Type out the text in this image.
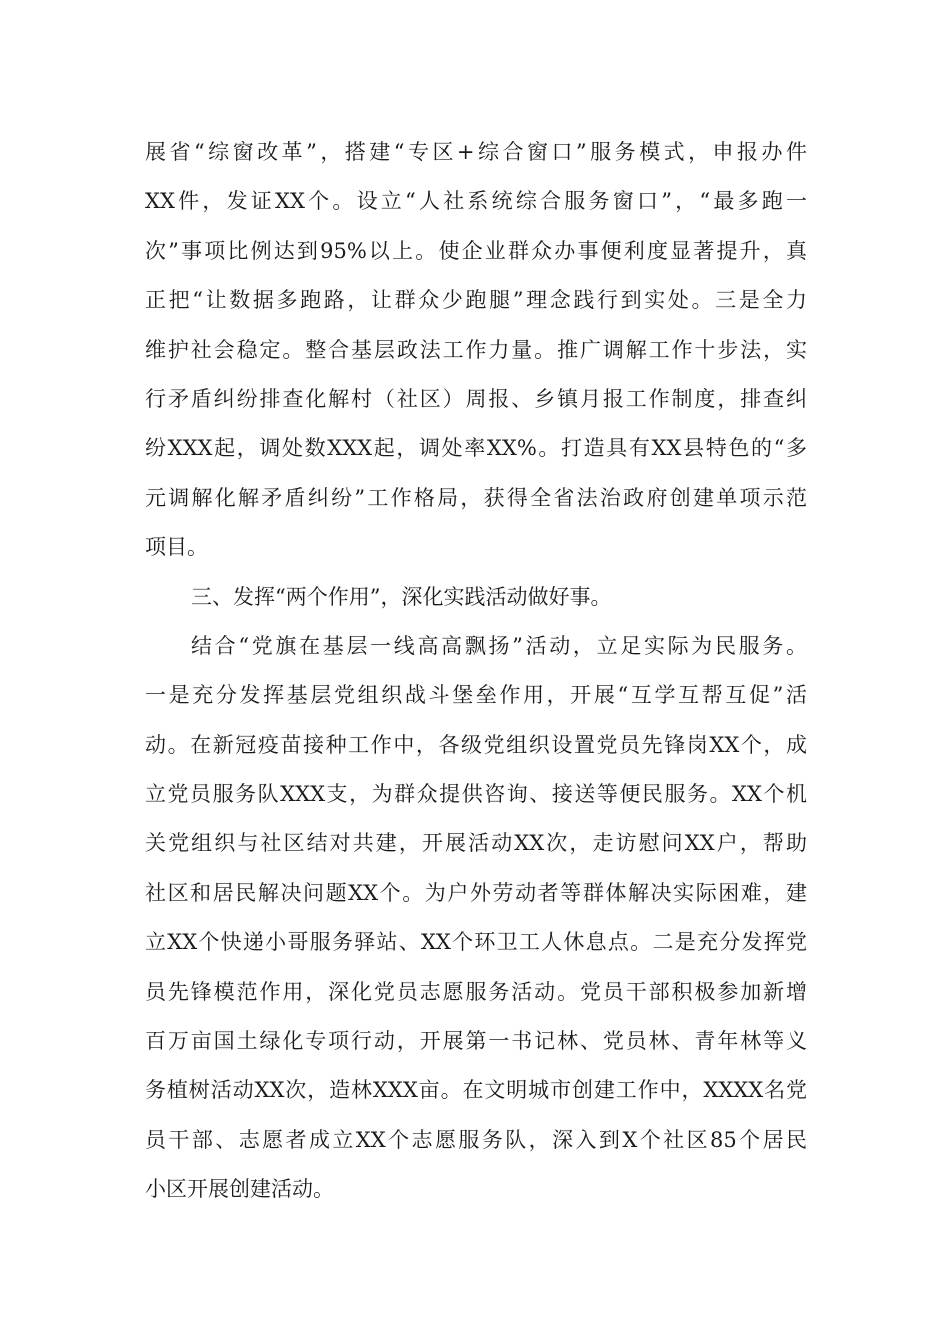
展省“综窗改革”，搭建“专区+综合窗口”服务模式，申报办件
XX件，发证XX个。设立“人社系统综合服务窗口”，“最多跑一
次”事项比例达到95%以上。使企业群众办事便利度显著提升，真
正把“让数据多跑路，让群众少跑腿”理念践行到实处。三是全力
维护社会稳定。整合基层政法工作力量。推广调解工作十步法，实
行矛盾纠纷排查化解村（社区）周报、乡镇月报工作制度，排查纠
纷XXX起，调处数XXX起，调处率XX%。打造具有XX县特色的“多
元调解化解矛盾纠纷”工作格局，获得全省法治政府创建单项示范
项目。
三、发挥“两个作用”，深化实践活动做好事。
结合“党旗在基层一线高高飘扬”活动，立足实际为民服务。
一是充分发挥基层党组织战斗堡垒作用，开展“互学互帮互促”活
动。在新冠疫苗接种工作中，各级党组织设置党员先锋岗XX个，成
立党员服务队XXX支，为群众提供咨询、接送等便民服务。XX个机
关党组织与社区结对共建，开展活动XX次，走访慰问XX户，帮助
社区和居民解决问题XX个。为户外劳动者等群体解决实际困难，建
立XX个快递小哥服务驿站、XX个环卫工人休息点。二是充分发挥党
员先锋模范作用，深化党员志愿服务活动。党员干部积极参加新增
百万亩国土绿化专项行动，开展第一书记林、党员林、青年林等义
务植树活动XX次，造林XXX亩。在文明城市创建工作中，XXXX名党
员干部、志愿者成立XX个志愿服务队，深入到X个社区85个居民
小区开展创建活动。
